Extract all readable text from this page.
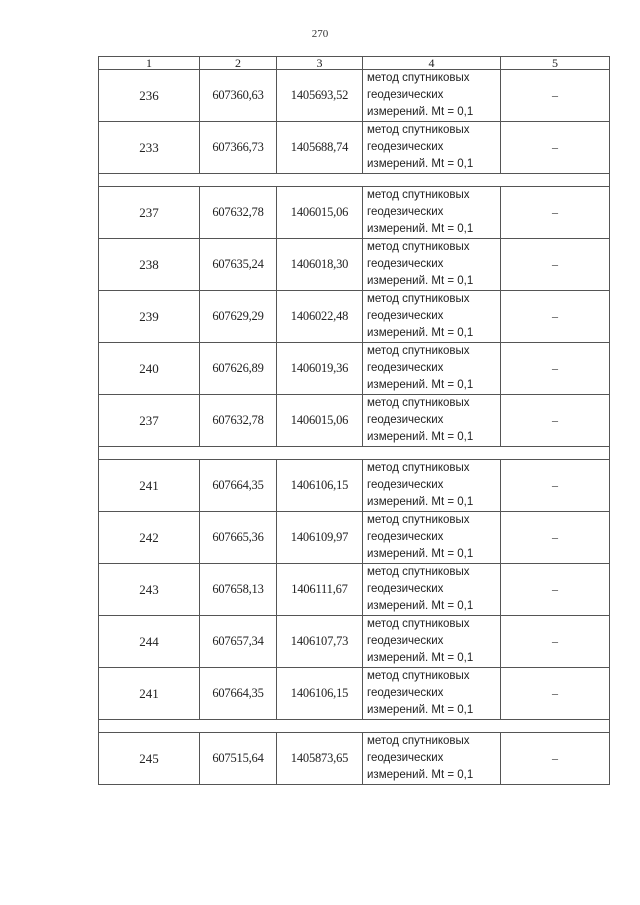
270
1	2	3	4	5
236	607360,63	1405693,52	метод спутниковых
геодезических
измерений. Mt = 0,1	–
233	607366,73	1405688,74	метод спутниковых
геодезических
измерений. Mt = 0,1	–

237	607632,78	1406015,06	метод спутниковых
геодезических
измерений. Mt = 0,1	–
238	607635,24	1406018,30	метод спутниковых
геодезических
измерений. Mt = 0,1	–
239	607629,29	1406022,48	метод спутниковых
геодезических
измерений. Mt = 0,1	–
240	607626,89	1406019,36	метод спутниковых
геодезических
измерений. Mt = 0,1	–
237	607632,78	1406015,06	метод спутниковых
геодезических
измерений. Mt = 0,1	–

241	607664,35	1406106,15	метод спутниковых
геодезических
измерений. Mt = 0,1	–
242	607665,36	1406109,97	метод спутниковых
геодезических
измерений. Mt = 0,1	–
243	607658,13	1406111,67	метод спутниковых
геодезических
измерений. Mt = 0,1	–
244	607657,34	1406107,73	метод спутниковых
геодезических
измерений. Mt = 0,1	–
241	607664,35	1406106,15	метод спутниковых
геодезических
измерений. Mt = 0,1	–

245	607515,64	1405873,65	метод спутниковых
геодезических
измерений. Mt = 0,1	–
